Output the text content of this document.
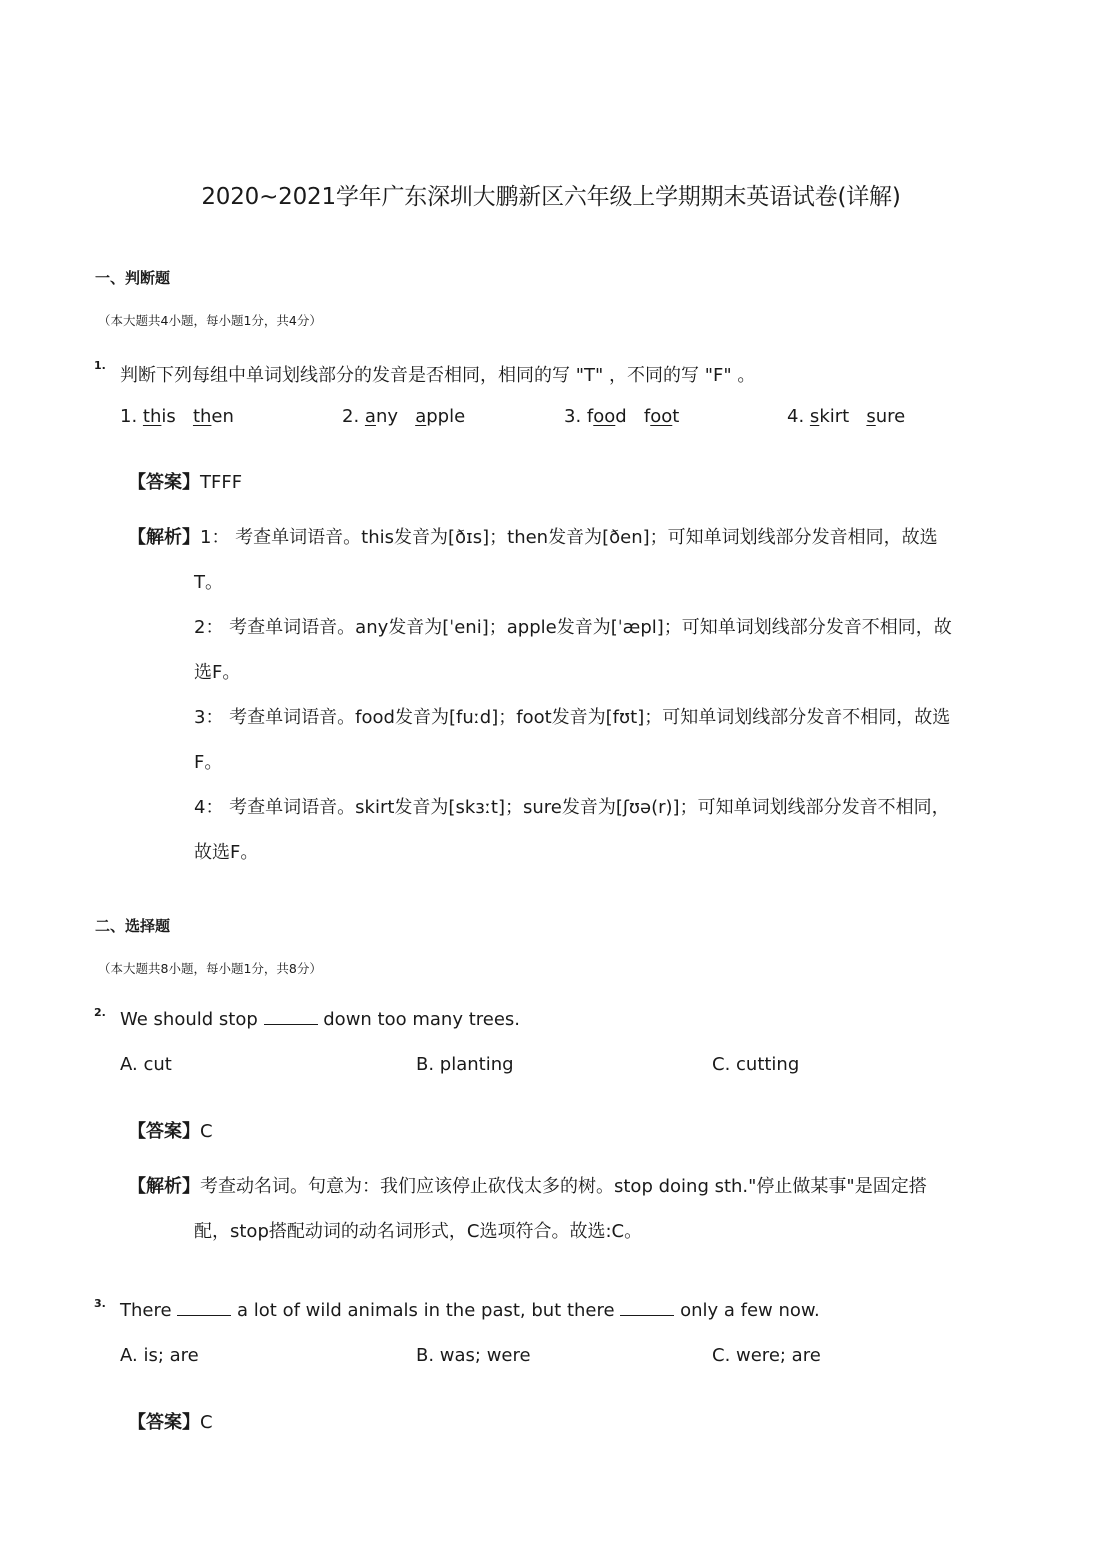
2020~2021学年广东深圳大鹏新区六年级上学期期末英语试卷(详解)
一、判断题
（本大题共4小题，每小题1分，共4分）
1. 判断下列每组中单词划线部分的发音是否相同，相同的写 "T" ，不同的写 "F" 。
1. this then	2. any apple	3. food foot	4. skirt sure
【答案】TFFF
【解析】1： 考查单词语音。this发音为[ðɪs]；then发音为[ðen]；可知单词划线部分发音相同，故选
T。
2： 考查单词语音。any发音为[ˈeni]；apple发音为[ˈæpl]；可知单词划线部分发音不相同，故
选F。
3： 考查单词语音。food发音为[fuːd]；foot发音为[fʊt]；可知单词划线部分发音不相同，故选
F。
4： 考查单词语音。skirt发音为[skɜːt]；sure发音为[ʃʊə(r)]；可知单词划线部分发音不相同，
故选F。
二、选择题
（本大题共8小题，每小题1分，共8分）
2. We should stop	down too many trees.
A. cut	B. planting	C. cutting
【答案】C
【解析】考查动名词。句意为：我们应该停止砍伐太多的树。stop doing sth."停止做某事"是固定搭
配，stop搭配动词的动名词形式，C选项符合。故选:C。
3. There	a lot of wild animals in the past, but there	only a few now.
A. is; are	B. was; were	C. were; are
【答案】C
